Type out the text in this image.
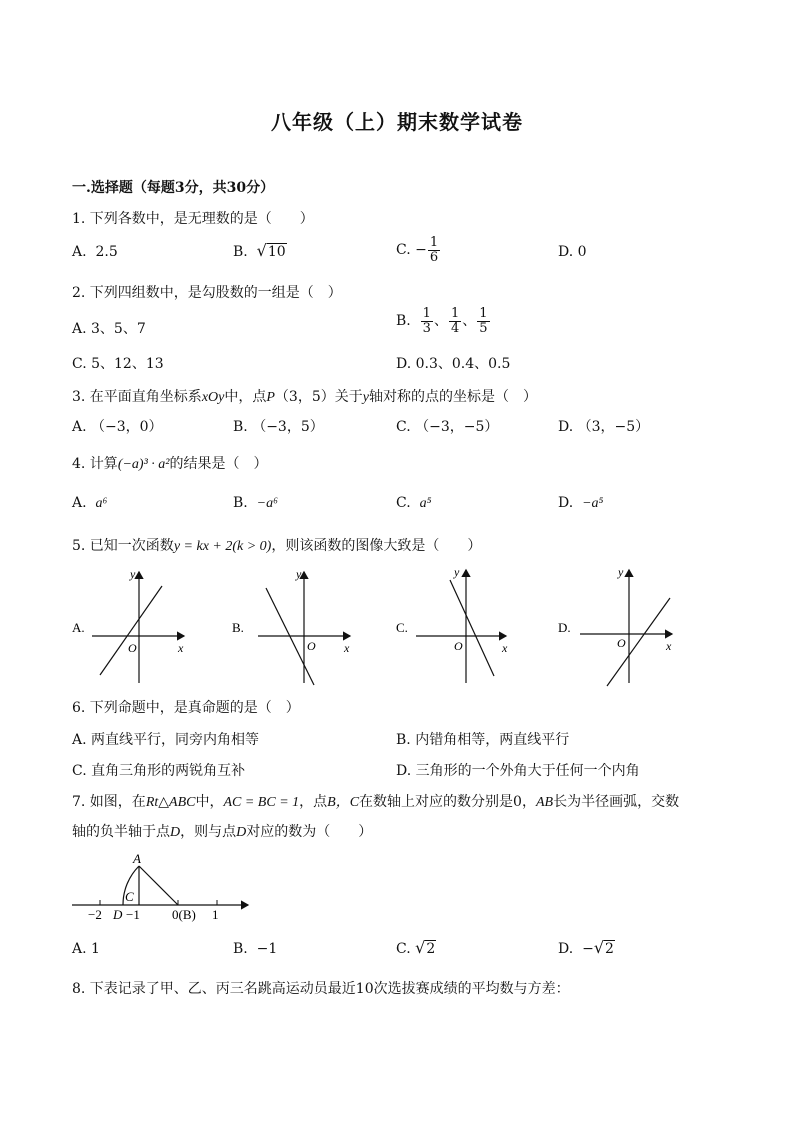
八年级（上）期末数学试卷
一.选择题（每题3分，共30分）
1. 下列各数中，是无理数的是（　　）
A. 2.5	B. √10	C. − $\frac{1}{6}$	D. 0
2. 下列四组数中，是勾股数的一组是（　）
A. 3、5、7	B. $\frac{1}{3}$ 、 $\frac{1}{4}$ 、 $\frac{1}{5}$
C. 5、12、13	D. 0.3、0.4、0.5
3. 在平面直角坐标系xOy中，点P（3，5）关于y轴对称的点的坐标是（　）
A. （−3，0）	B. （−3，5）	C. （−3，−5）	D. （3，−5）
4. 计算(−a)³ · a²的结果是（　）
A. a⁶	B. −a⁶	C. a⁵	D. −a⁵
5. 已知一次函数y = kx + 2(k > 0)，则该函数的图像大致是（　　）
A.
y
x
O
B.
y
x
O
C.
y
x
O
D.
y
x
O
6. 下列命题中，是真命题的是（　）
A. 两直线平行，同旁内角相等	B. 内错角相等，两直线平行
C. 直角三角形的两锐角互补	D. 三角形的一个外角大于任何一个内角
7. 如图，在Rt△ABC中，AC = BC = 1，点B，C在数轴上对应的数分别是0，AB长为半径画弧，交数
轴的负半轴于点D，则与点D对应的数为（　　）
A
C
−2 D −1 0(B) 1
A. 1	B. −1	C. √2	D. −√2
8. 下表记录了甲、乙、丙三名跳高运动员最近10次选拔赛成绩的平均数与方差：
